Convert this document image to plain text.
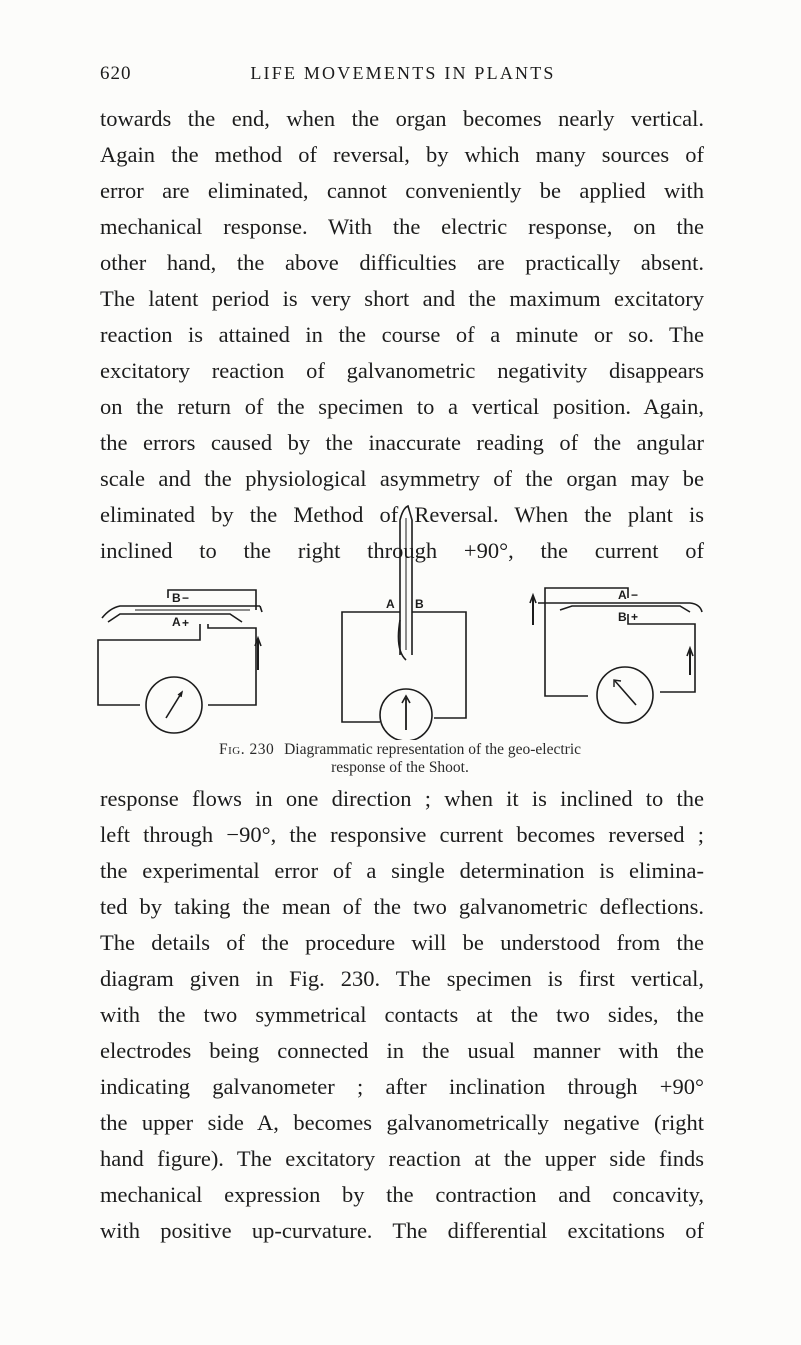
620	LIFE MOVEMENTS IN PLANTS
towards the end, when the organ becomes nearly vertical.
Again the method of reversal, by which many sources of
error are eliminated, cannot conveniently be applied with
mechanical response. With the electric response, on the
other hand, the above difficulties are practically absent.
The latent period is very short and the maximum excitatory
reaction is attained in the course of a minute or so. The
excitatory reaction of galvanometric negativity disappears
on the return of the specimen to a vertical position. Again,
the errors caused by the inaccurate reading of the angular
scale and the physiological asymmetry of the organ may be
eliminated by the Method of Reversal. When the plant is
inclined to the right through +90°, the current of
B −
A +
A B
A −
B +
Fig. 230 Diagrammatic representation of the geo-electric
response of the Shoot.
response flows in one direction ; when it is inclined to the
left through −90°, the responsive current becomes reversed ;
the experimental error of a single determination is elimina-
ted by taking the mean of the two galvanometric deflections.
The details of the procedure will be understood from the
diagram given in Fig. 230. The specimen is first vertical,
with the two symmetrical contacts at the two sides, the
electrodes being connected in the usual manner with the
indicating galvanometer ; after inclination through +90°
the upper side A, becomes galvanometrically negative (right
hand figure). The excitatory reaction at the upper side finds
mechanical expression by the contraction and concavity,
with positive up-curvature. The differential excitations of
